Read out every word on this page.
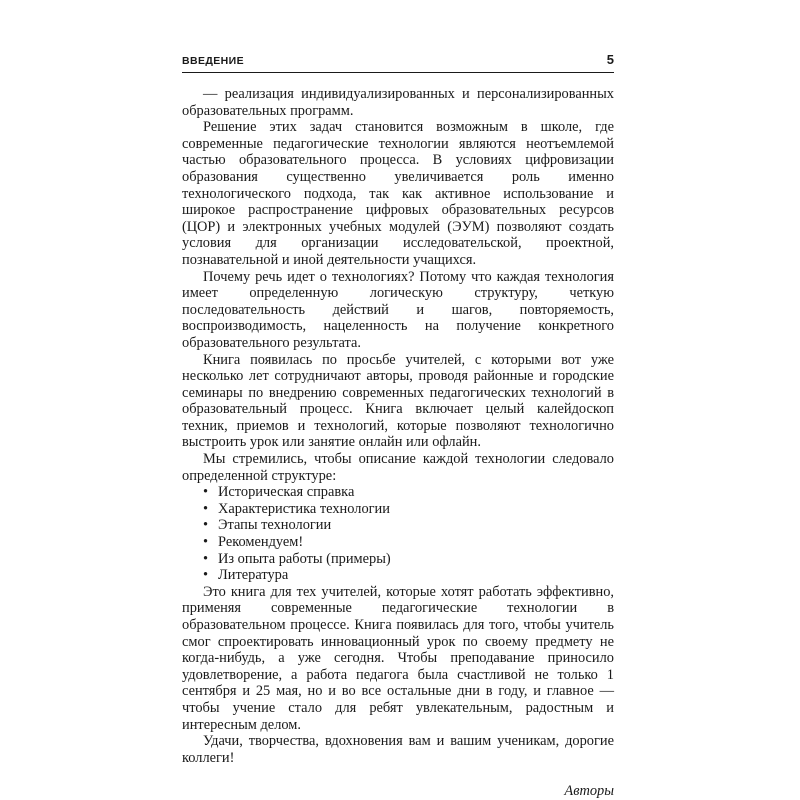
ВВЕДЕНИЕ	5

— реализация индивидуализированных и персонализированных образовательных программ.

Решение этих задач становится возможным в школе, где современные педагогические технологии являются неотъемлемой частью образовательного процесса. В условиях цифровизации образования существенно увеличивается роль именно технологического подхода, так как активное использование и широкое распространение цифровых образовательных ресурсов (ЦОР) и электронных учебных модулей (ЭУМ) позволяют создать условия для организации исследовательской, проектной, познавательной и иной деятельности учащихся.

Почему речь идет о технологиях? Потому что каждая технология имеет определенную логическую структуру, четкую последовательность действий и шагов, повторяемость, воспроизводимость, нацеленность на получение конкретного образовательного результата.

Книга появилась по просьбе учителей, с которыми вот уже несколько лет сотрудничают авторы, проводя районные и городские семинары по внедрению современных педагогических технологий в образовательный процесс. Книга включает целый калейдоскоп техник, приемов и технологий, которые позволяют технологично выстроить урок или занятие онлайн или офлайн.

Мы стремились, чтобы описание каждой технологии следовало определенной структуре:

• Историческая справка
• Характеристика технологии
• Этапы технологии
• Рекомендуем!
• Из опыта работы (примеры)
• Литература

Это книга для тех учителей, которые хотят работать эффективно, применяя современные педагогические технологии в образовательном процессе. Книга появилась для того, чтобы учитель смог спроектировать инновационный урок по своему предмету не когда-нибудь, а уже сегодня. Чтобы преподавание приносило удовлетворение, а работа педагога была счастливой не только 1 сентября и 25 мая, но и во все остальные дни в году, и главное — чтобы учение стало для ребят увлекательным, радостным и интересным делом.

Удачи, творчества, вдохновения вам и вашим ученикам, дорогие коллеги!

Авторы
